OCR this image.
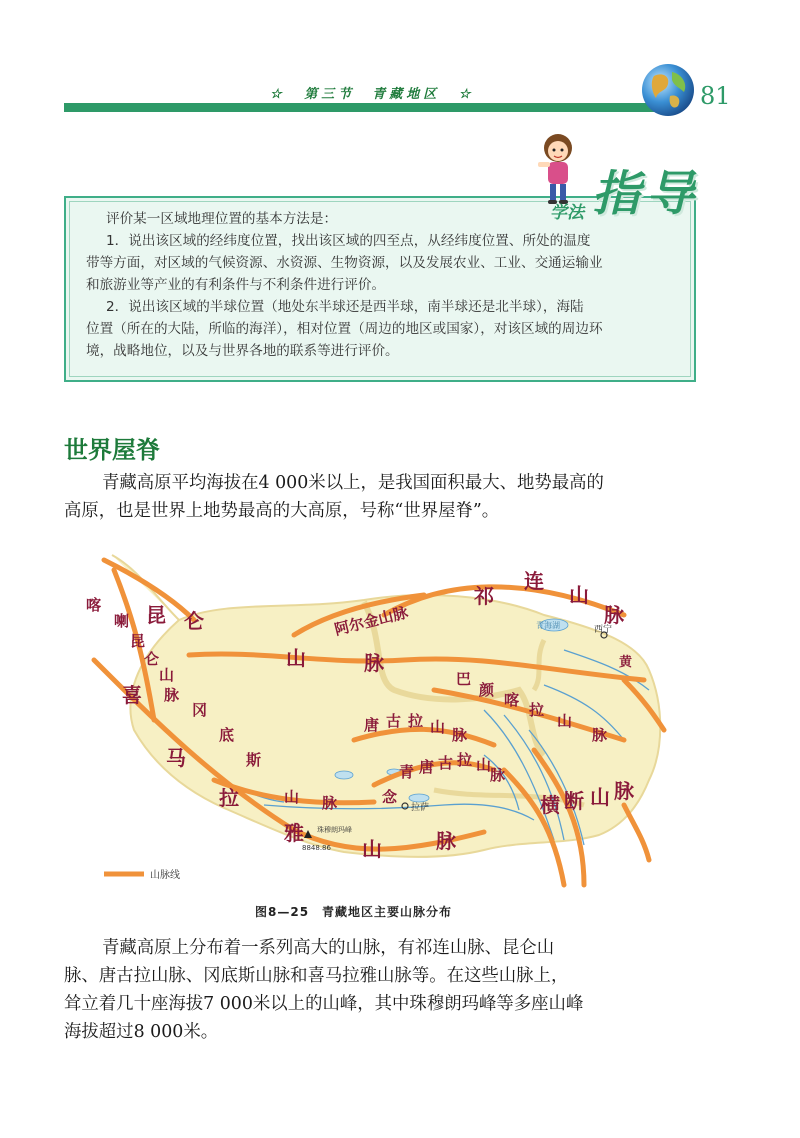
☆ 第三节　青藏地区 ☆	81
学法 指导
评价某一区域地理位置的基本方法是：
1．说出该区域的经纬度位置，找出该区域的四至点，从经纬度位置、所处的温度
带等方面，对区域的气候资源、水资源、生物资源，以及发展农业、工业、交通运输业
和旅游业等产业的有利条件与不利条件进行评价。
2．说出该区域的半球位置（地处东半球还是西半球，南半球还是北半球），海陆
位置（所在的大陆，所临的海洋），相对位置（周边的地区或国家），对该区域的周边环
境，战略地位，以及与世界各地的联系等进行评价。
世界屋脊
青藏高原平均海拔在4 000米以上，是我国面积最大、地势最高的
高原，也是世界上地势最高的大高原，号称“世界屋脊”。
祁
连
山
脉
阿尔金山脉
喀
喇
昆
仑
山
脉
昆 仑
山	脉
巴
颜
喀
拉
山
脉
唐 古 拉 山 脉
念
青 唐 古 拉 山
脉
冈
底
斯
山 脉
喜
马
拉
雅
山	脉
横 断 山 脉
西宁
青海湖
黄
拉萨
珠穆朗玛峰
8848.86
山脉线
图8—25　青藏地区主要山脉分布
青藏高原上分布着一系列高大的山脉，有祁连山脉、昆仑山
脉、唐古拉山脉、冈底斯山脉和喜马拉雅山脉等。在这些山脉上，
耸立着几十座海拔7 000米以上的山峰，其中珠穆朗玛峰等多座山峰
海拔超过8 000米。
